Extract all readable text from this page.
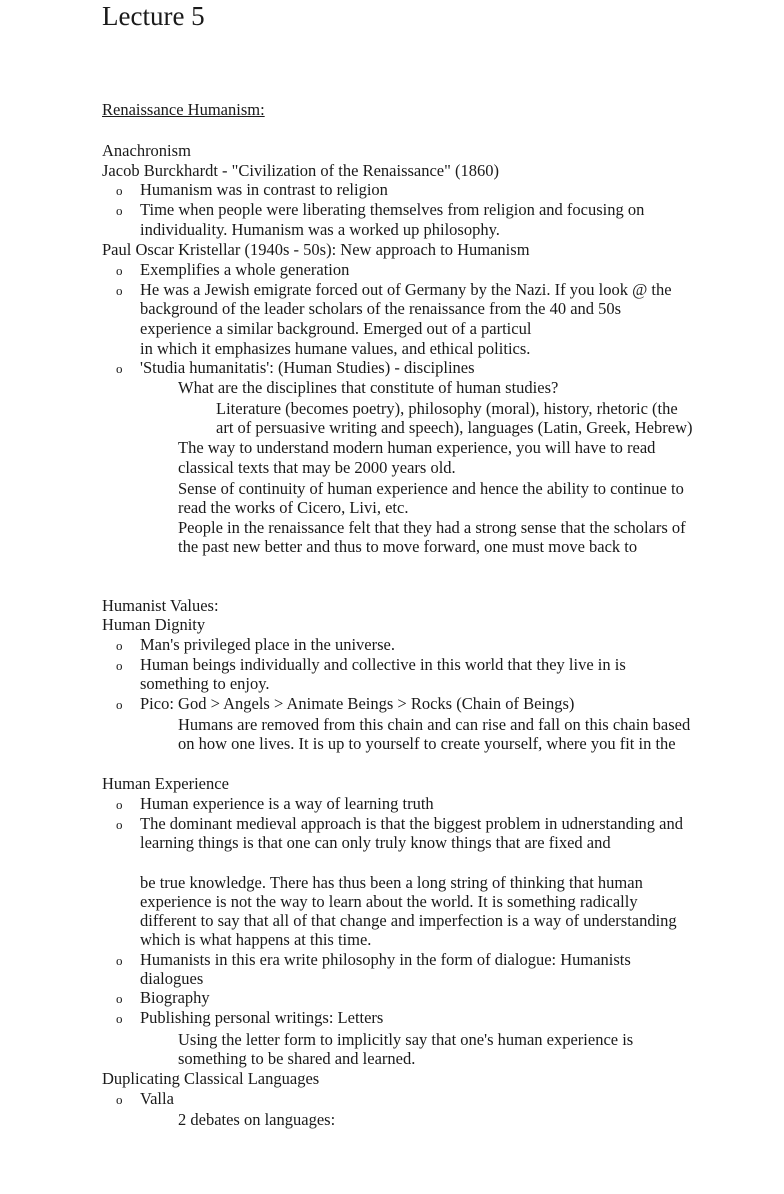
Lecture 5
Renaissance Humanism:
Anachronism
Jacob Burckhardt - "Civilization of the Renaissance" (1860)
Humanism was in contrast to religion
o
Time when people were liberating themselves from religion and focusing on
o
individuality. Humanism was a worked up philosophy.
Paul Oscar Kristellar (1940s - 50s): New approach to Humanism
Exemplifies a whole generation
o
He was a Jewish emigrate forced out of Germany by the Nazi. If you look @ the
o
background of the leader scholars of the renaissance from the 40 and 50s
experience a similar background. Emerged out of a particul
in which it emphasizes humane values, and ethical politics.
'Studia humanitatis': (Human Studies) - disciplines
o
What are the disciplines that constitute of human studies?
Literature (becomes poetry), philosophy (moral), history, rhetoric (the
art of persuasive writing and speech), languages (Latin, Greek, Hebrew)
The way to understand modern human experience, you will have to read
classical texts that may be 2000 years old.
Sense of continuity of human experience and hence the ability to continue to
read the works of Cicero, Livi, etc.
People in the renaissance felt that they had a strong sense that the scholars of
the past new better and thus to move forward, one must move back to
Humanist Values:
Human Dignity
Man's privileged place in the universe.
o
Human beings individually and collective in this world that they live in is
o
something to enjoy.
Pico: God > Angels > Animate Beings > Rocks (Chain of Beings)
o
Humans are removed from this chain and can rise and fall on this chain based
on how one lives. It is up to yourself to create yourself, where you fit in the
Human Experience
Human experience is a way of learning truth
o
The dominant medieval approach is that the biggest problem in udnerstanding and
o
learning things is that one can only truly know things that are fixed and
be true knowledge. There has thus been a long string of thinking that human
experience is not the way to learn about the world. It is something radically
different to say that all of that change and imperfection is a way of understanding
which is what happens at this time.
Humanists in this era write philosophy in the form of dialogue: Humanists
o
dialogues
Biography
o
Publishing personal writings: Letters
o
Using the letter form to implicitly say that one's human experience is
something to be shared and learned.
Duplicating Classical Languages
Valla
o
2 debates on languages:
